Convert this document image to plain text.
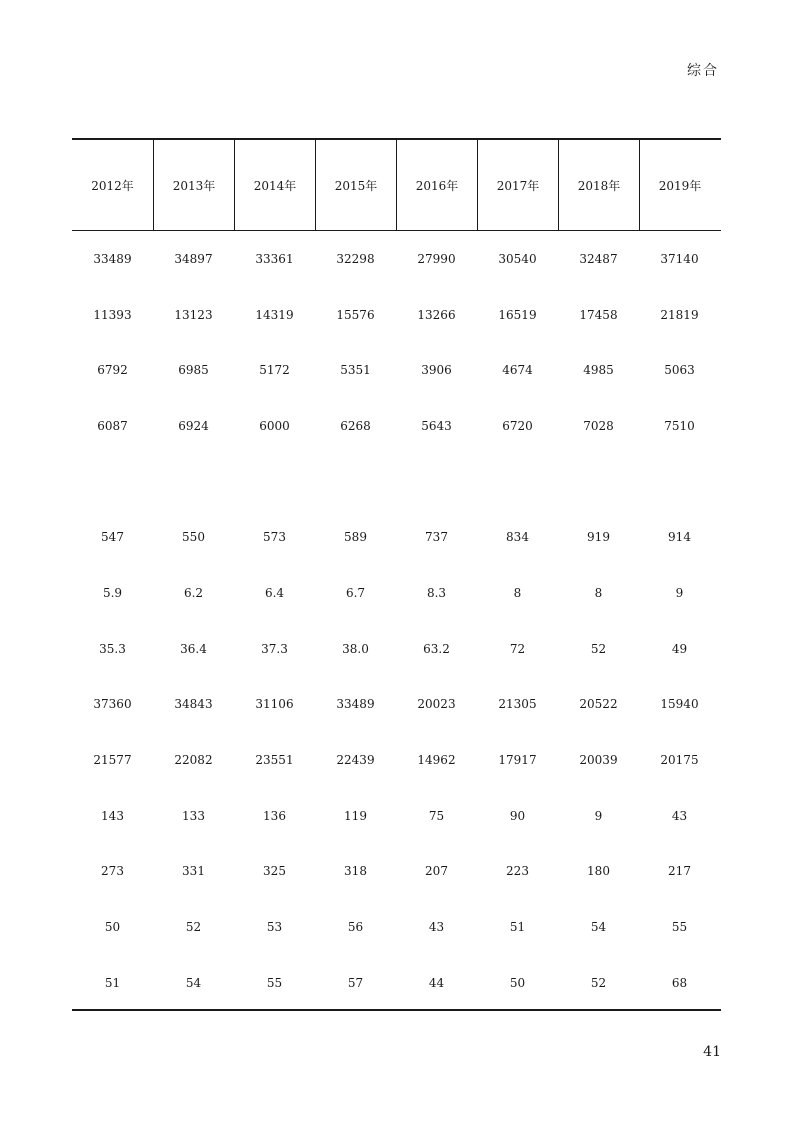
综合
2012年	2013年	2014年	2015年	2016年	2017年	2018年	2019年
33489	34897	33361	32298	27990	30540	32487	37140
11393	13123	14319	15576	13266	16519	17458	21819
6792	6985	5172	5351	3906	4674	4985	5063
6087	6924	6000	6268	5643	6720	7028	7510
547	550	573	589	737	834	919	914
5.9	6.2	6.4	6.7	8.3	8	8	9
35.3	36.4	37.3	38.0	63.2	72	52	49
37360	34843	31106	33489	20023	21305	20522	15940
21577	22082	23551	22439	14962	17917	20039	20175
143	133	136	119	75	90	9	43
273	331	325	318	207	223	180	217
50	52	53	56	43	51	54	55
51	54	55	57	44	50	52	68
41
